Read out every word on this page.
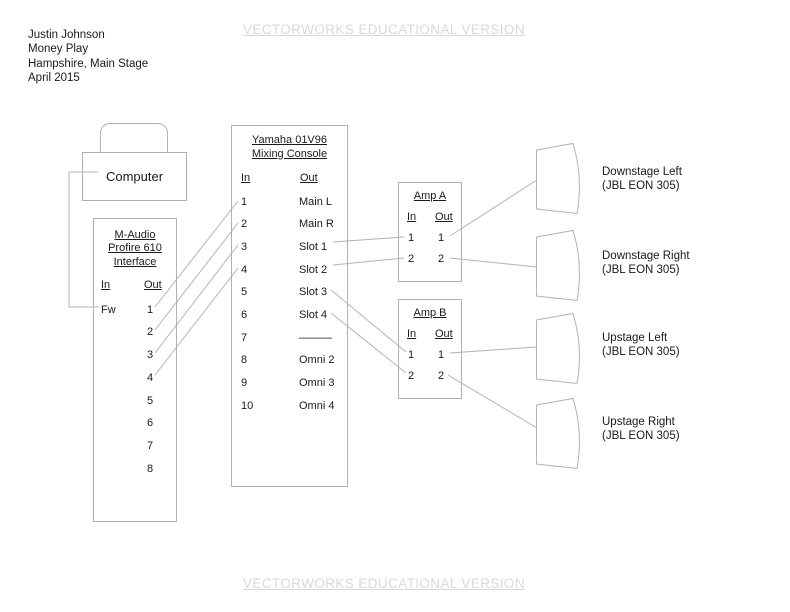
VECTORWORKS EDUCATIONAL VERSION
VECTORWORKS EDUCATIONAL VERSION
Justin Johnson
Money Play
Hampshire, Main Stage
April 2015
Computer
M-Audio
Profire 610
Interface
In	Out
Fw	1
2
3
4
5
6
7
8
Yamaha 01V96
Mixing Console
In	Out
1	Main L
2	Main R
3	Slot 1
4	Slot 2
5	Slot 3
6	Slot 4
7	———
8	Omni 2
9	Omni 3
10	Omni 4
Amp A
In Out
1 1
2 2
Amp B
In Out
1 1
2 2
Downstage Left
(JBL EON 305)
Downstage Right
(JBL EON 305)
Upstage Left
(JBL EON 305)
Upstage Right
(JBL EON 305)
